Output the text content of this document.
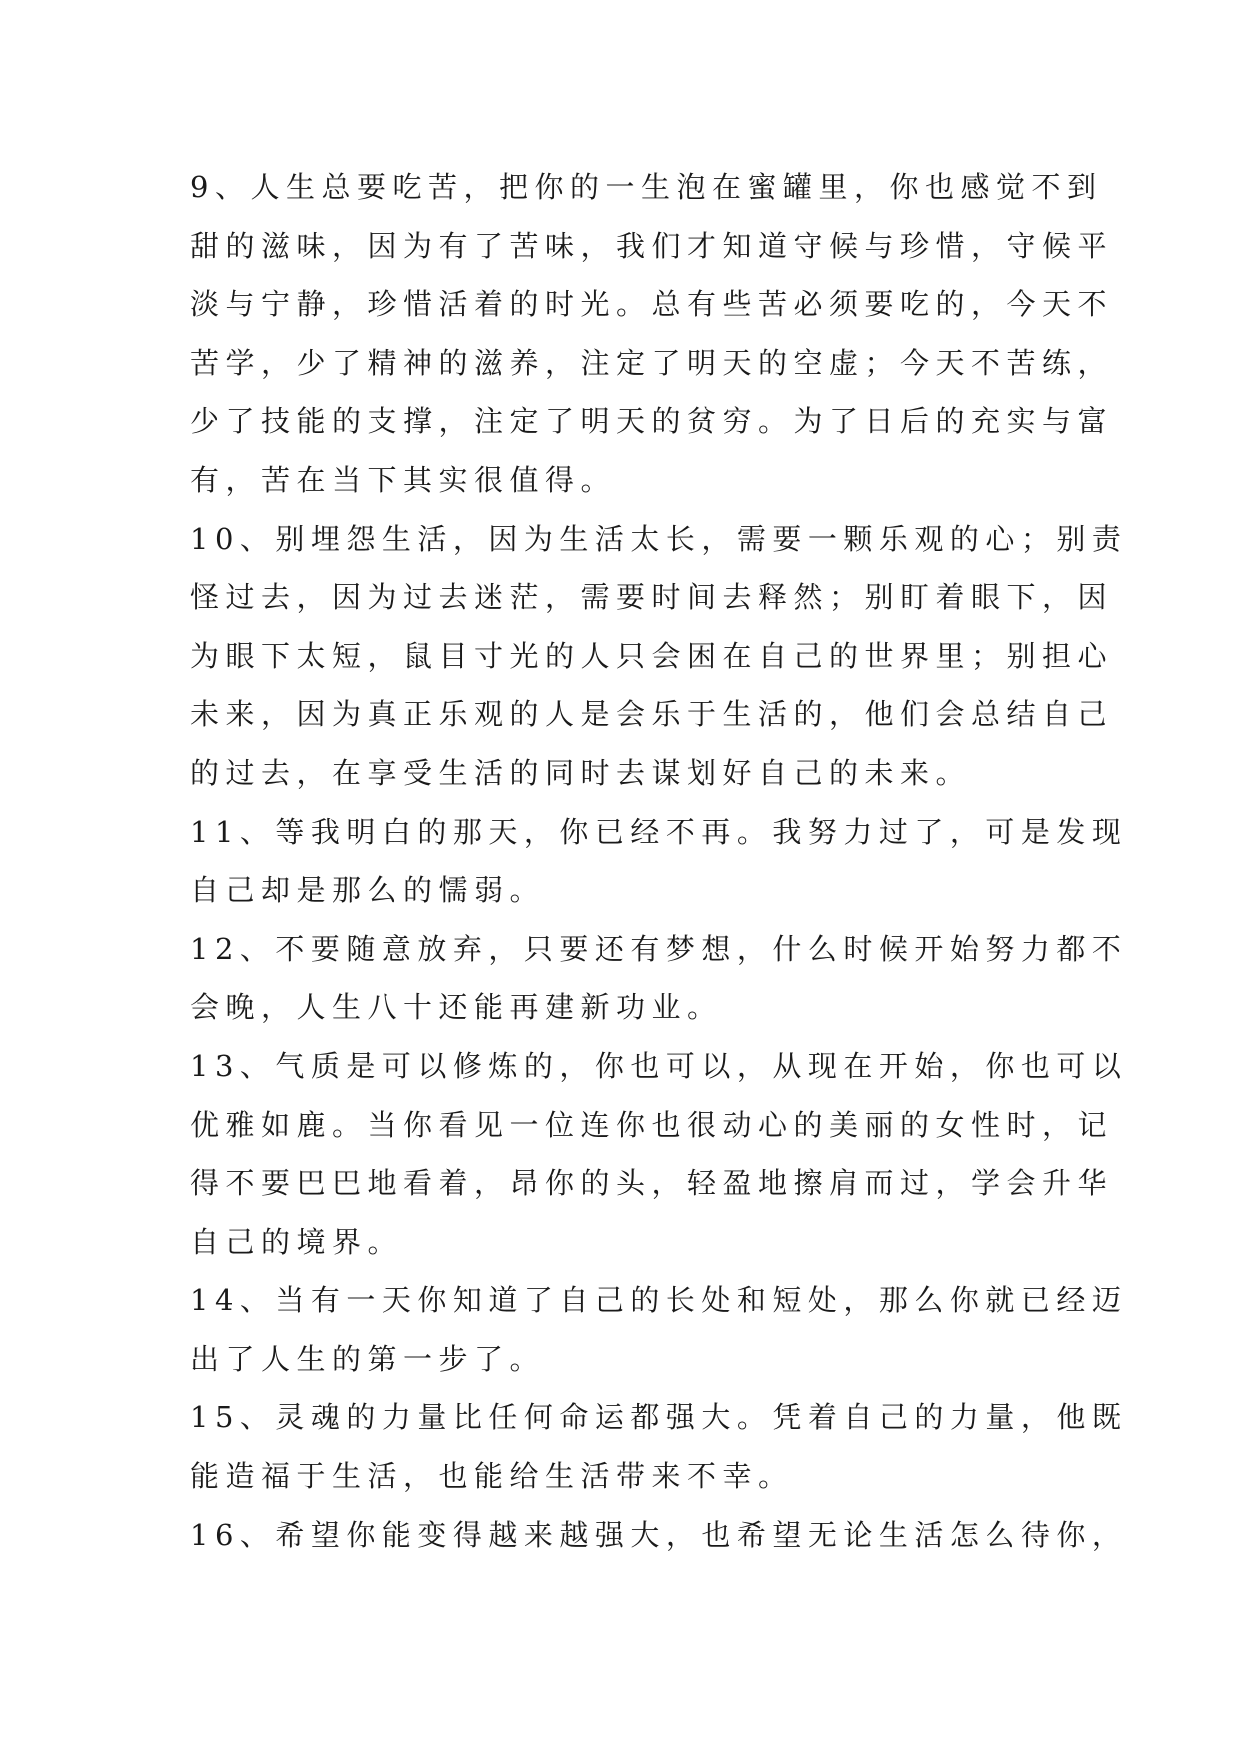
9、人生总要吃苦，把你的一生泡在蜜罐里，你也感觉不到
甜的滋味，因为有了苦味，我们才知道守候与珍惜，守候平
淡与宁静，珍惜活着的时光。总有些苦必须要吃的，今天不
苦学，少了精神的滋养，注定了明天的空虚；今天不苦练，
少了技能的支撑，注定了明天的贫穷。为了日后的充实与富
有，苦在当下其实很值得。

10、别埋怨生活，因为生活太长，需要一颗乐观的心；别责
怪过去，因为过去迷茫，需要时间去释然；别盯着眼下，因
为眼下太短，鼠目寸光的人只会困在自己的世界里；别担心
未来，因为真正乐观的人是会乐于生活的，他们会总结自己
的过去，在享受生活的同时去谋划好自己的未来。

11、等我明白的那天，你已经不再。我努力过了，可是发现
自己却是那么的懦弱。

12、不要随意放弃，只要还有梦想，什么时候开始努力都不
会晚，人生八十还能再建新功业。

13、气质是可以修炼的，你也可以，从现在开始，你也可以
优雅如鹿。当你看见一位连你也很动心的美丽的女性时，记
得不要巴巴地看着，昂你的头，轻盈地擦肩而过，学会升华
自己的境界。

14、当有一天你知道了自己的长处和短处，那么你就已经迈
出了人生的第一步了。

15、灵魂的力量比任何命运都强大。凭着自己的力量，他既
能造福于生活，也能给生活带来不幸。

16、希望你能变得越来越强大，也希望无论生活怎么待你，
